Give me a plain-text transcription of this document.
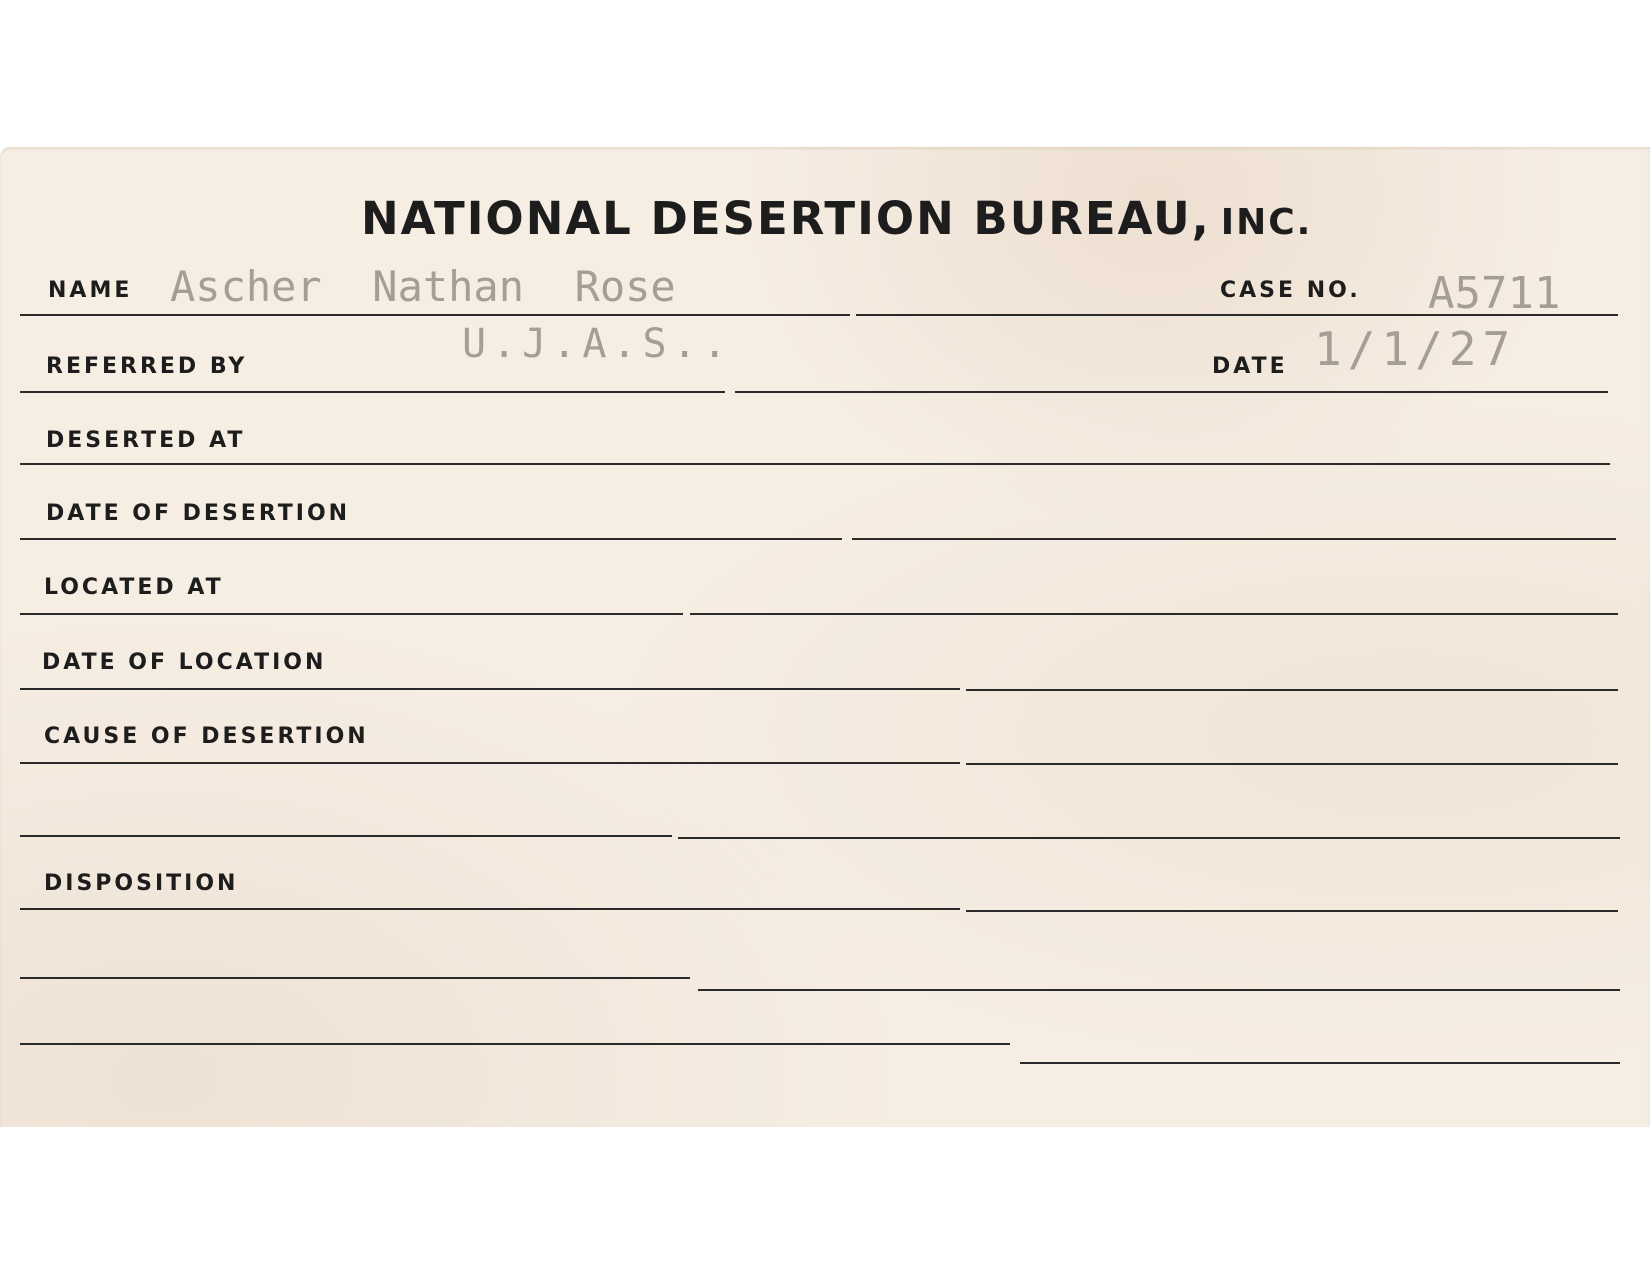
NATIONAL DESERTION BUREAU, INC.
NAME Ascher  Nathan  Rose	CASE NO. A5711
REFERRED BY	U.J.A.S..	DATE 1/1/27
DESERTED AT
DATE OF DESERTION
LOCATED AT
DATE OF LOCATION
CAUSE OF DESERTION
DISPOSITION
